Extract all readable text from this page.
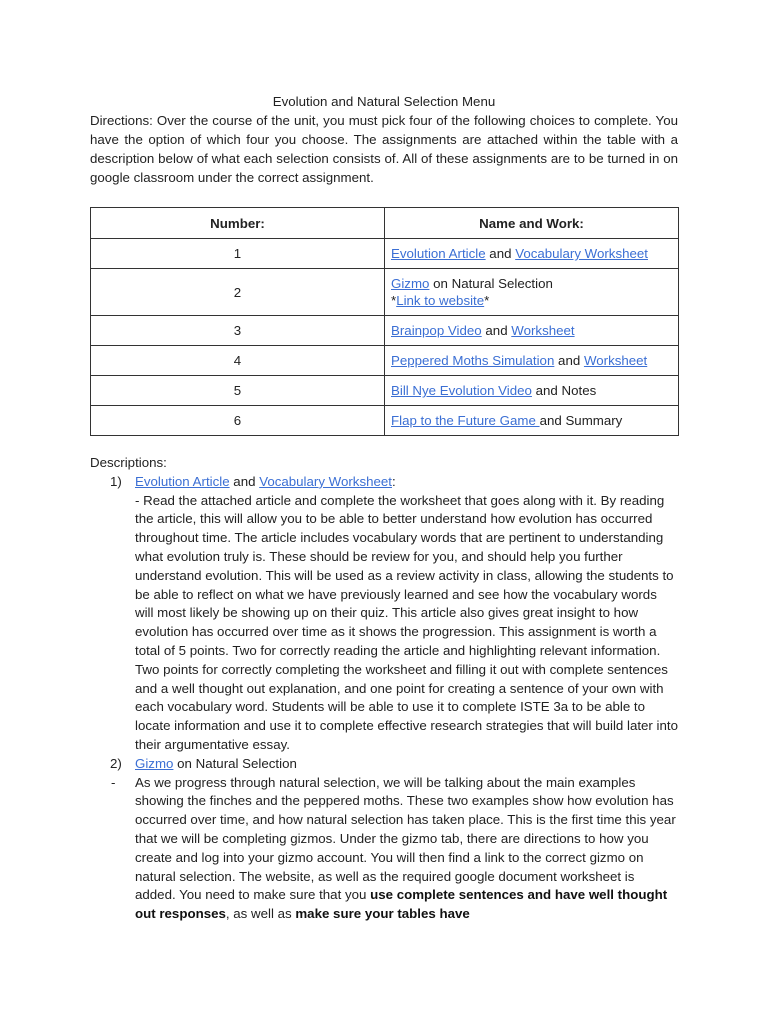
Evolution and Natural Selection Menu

Directions: Over the course of the unit, you must pick four of the following choices to complete. You have the option of which four you choose. The assignments are attached within the table with a description below of what each selection consists of. All of these assignments are to be turned in on google classroom under the correct assignment.

Number:	Name and Work:
1	Evolution Article and Vocabulary Worksheet
2	Gizmo on Natural Selection
*Link to website*
3	Brainpop Video and Worksheet
4	Peppered Moths Simulation and Worksheet
5	Bill Nye Evolution Video and Notes
6	Flap to the Future Game and Summary
Descriptions:
1) Evolution Article and Vocabulary Worksheet:
- Read the attached article and complete the worksheet that goes along with it. By reading the article, this will allow you to be able to better understand how evolution has occurred throughout time. The article includes vocabulary words that are pertinent to understanding what evolution truly is. These should be review for you, and should help you further understand evolution. This will be used as a review activity in class, allowing the students to be able to reflect on what we have previously learned and see how the vocabulary words will most likely be showing up on their quiz. This article also gives great insight to how evolution has occurred over time as it shows the progression. This assignment is worth a total of 5 points. Two for correctly reading the article and highlighting relevant information. Two points for correctly completing the worksheet and filling it out with complete sentences and a well thought out explanation, and one point for creating a sentence of your own with each vocabulary word. Students will be able to use it to complete ISTE 3a to be able to locate information and use it to complete effective research strategies that will build later into their argumentative essay.
2) Gizmo on Natural Selection
- As we progress through natural selection, we will be talking about the main examples showing the finches and the peppered moths. These two examples show how evolution has occurred over time, and how natural selection has taken place. This is the first time this year that we will be completing gizmos. Under the gizmo tab, there are directions to how you create and log into your gizmo account. You will then find a link to the correct gizmo on natural selection. The website, as well as the required google document worksheet is added. You need to make sure that you use complete sentences and have well thought out responses, as well as make sure your tables have
